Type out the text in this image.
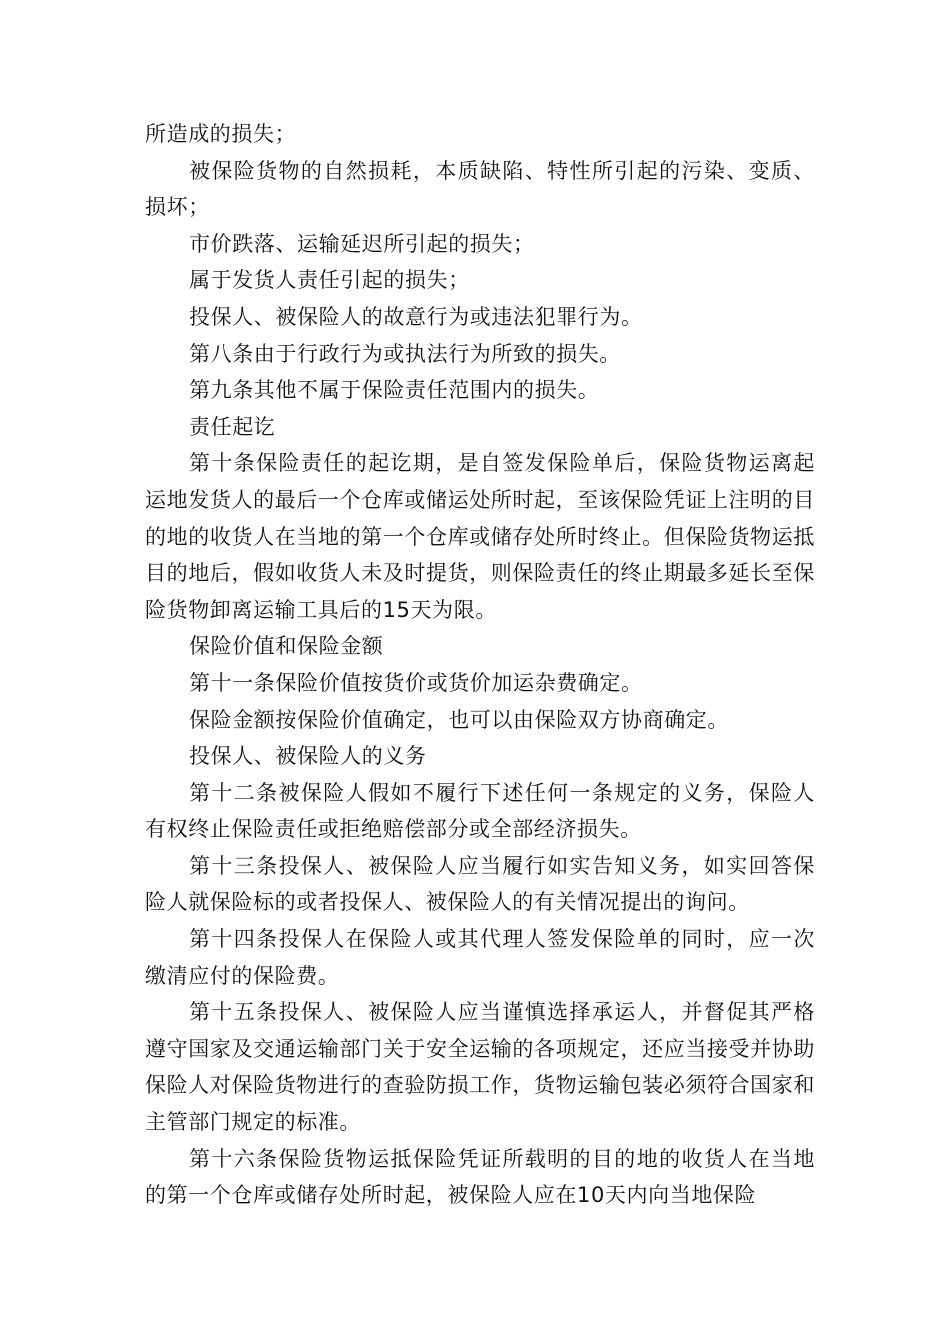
所造成的损失；

被保险货物的自然损耗，本质缺陷、特性所引起的污染、变质、损坏；

市价跌落、运输延迟所引起的损失；

属于发货人责任引起的损失；

投保人、被保险人的故意行为或违法犯罪行为。

第八条由于行政行为或执法行为所致的损失。

第九条其他不属于保险责任范围内的损失。

责任起讫

第十条保险责任的起讫期，是自签发保险单后，保险货物运离起运地发货人的最后一个仓库或储运处所时起，至该保险凭证上注明的目的地的收货人在当地的第一个仓库或储存处所时终止。但保险货物运抵目的地后，假如收货人未及时提货，则保险责任的终止期最多延长至保险货物卸离运输工具后的15天为限。

保险价值和保险金额

第十一条保险价值按货价或货价加运杂费确定。

保险金额按保险价值确定，也可以由保险双方协商确定。

投保人、被保险人的义务

第十二条被保险人假如不履行下述任何一条规定的义务，保险人有权终止保险责任或拒绝赔偿部分或全部经济损失。

第十三条投保人、被保险人应当履行如实告知义务，如实回答保险人就保险标的或者投保人、被保险人的有关情况提出的询问。

第十四条投保人在保险人或其代理人签发保险单的同时，应一次缴清应付的保险费。

第十五条投保人、被保险人应当谨慎选择承运人，并督促其严格遵守国家及交通运输部门关于安全运输的各项规定，还应当接受并协助保险人对保险货物进行的查验防损工作，货物运输包装必须符合国家和主管部门规定的标准。

第十六条保险货物运抵保险凭证所载明的目的地的收货人在当地的第一个仓库或储存处所时起，被保险人应在10天内向当地保险
